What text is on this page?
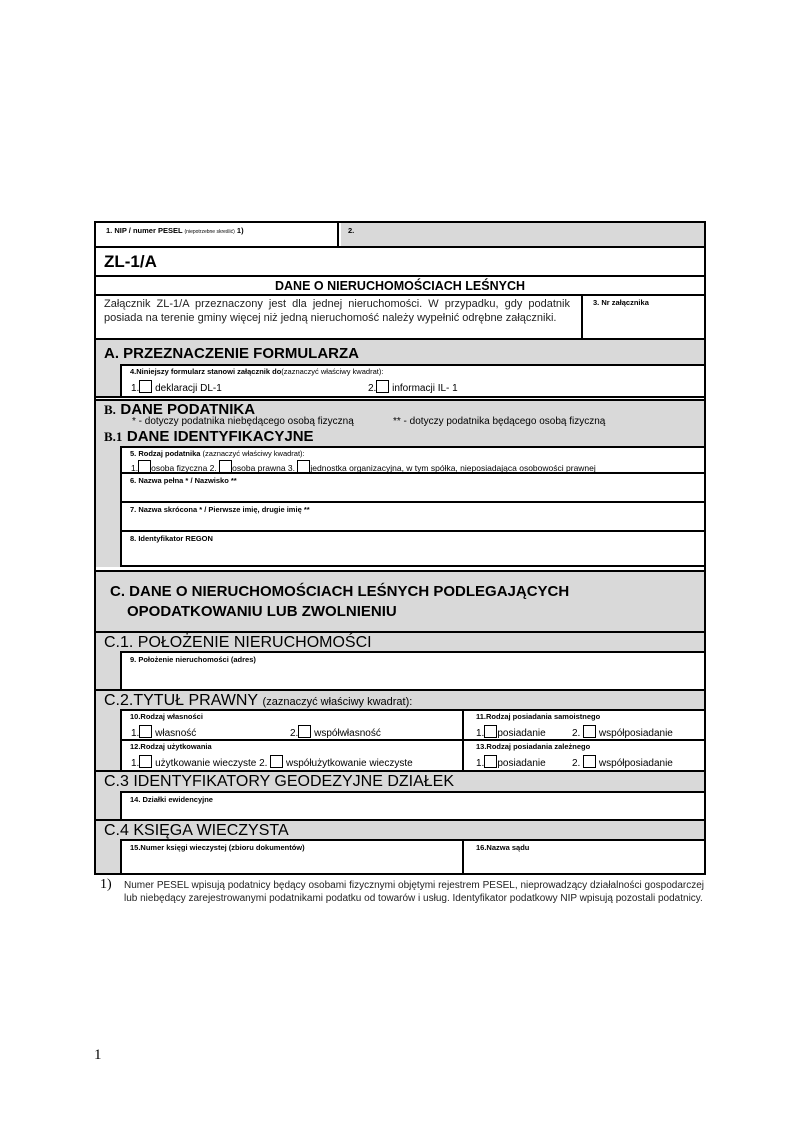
1. NIP / numer PESEL (niepotrzebne skreślić) 1)	2.
ZL-1/A
DANE O NIERUCHOMOŚCIACH LEŚNYCH
Załącznik ZL-1/A przeznaczony jest dla jednej nieruchomości. W przypadku, gdy podatnik posiada na terenie gminy więcej niż jedną nieruchomość należy wypełnić odrębne załączniki.
3. Nr załącznika
A. PRZEZNACZENIE FORMULARZA
4.Niniejszy formularz stanowi załącznik do(zaznaczyć właściwy kwadrat):
1. deklaracji DL-1	2. informacji IL- 1
B. DANE PODATNIKA
* - dotyczy podatnika niebędącego osobą fizyczną	** - dotyczy podatnika będącego osobą fizyczną
B.1 DANE IDENTYFIKACYJNE
5. Rodzaj podatnika (zaznaczyć właściwy kwadrat):
1. osoba fizyczna 2. osoba prawna 3. jednostka organizacyjna, w tym spółka, nieposiadająca osobowości prawnej
6. Nazwa pełna * / Nazwisko **
7. Nazwa skrócona * / Pierwsze imię, drugie imię **
8. Identyfikator REGON
C. DANE O NIERUCHOMOŚCIACH LEŚNYCH PODLEGAJĄCYCH
OPODATKOWANIU LUB ZWOLNIENIU
C.1. POŁOŻENIE NIERUCHOMOŚCI
9. Położenie nieruchomości (adres)
C.2.TYTUŁ PRAWNY (zaznaczyć właściwy kwadrat):
10.Rodzaj własności
1. własność	2. współwłasność
11.Rodzaj posiadania samoistnego
1. posiadanie	2. współposiadanie
12.Rodzaj użytkowania
1. użytkowanie wieczyste 2. współużytkowanie wieczyste
13.Rodzaj posiadania zależnego
1. posiadanie	2. współposiadanie
C.3 IDENTYFIKATORY GEODEZYJNE DZIAŁEK
14. Działki ewidencyjne
C.4 KSIĘGA WIECZYSTA
15.Numer księgi wieczystej (zbioru dokumentów)	16.Nazwa sądu
1) Numer PESEL wpisują podatnicy będący osobami fizycznymi objętymi rejestrem PESEL, nieprowadzący działalności gospodarczej lub niebędący zarejestrowanymi podatnikami podatku od towarów i usług. Identyfikator podatkowy NIP wpisują pozostali podatnicy.
1
